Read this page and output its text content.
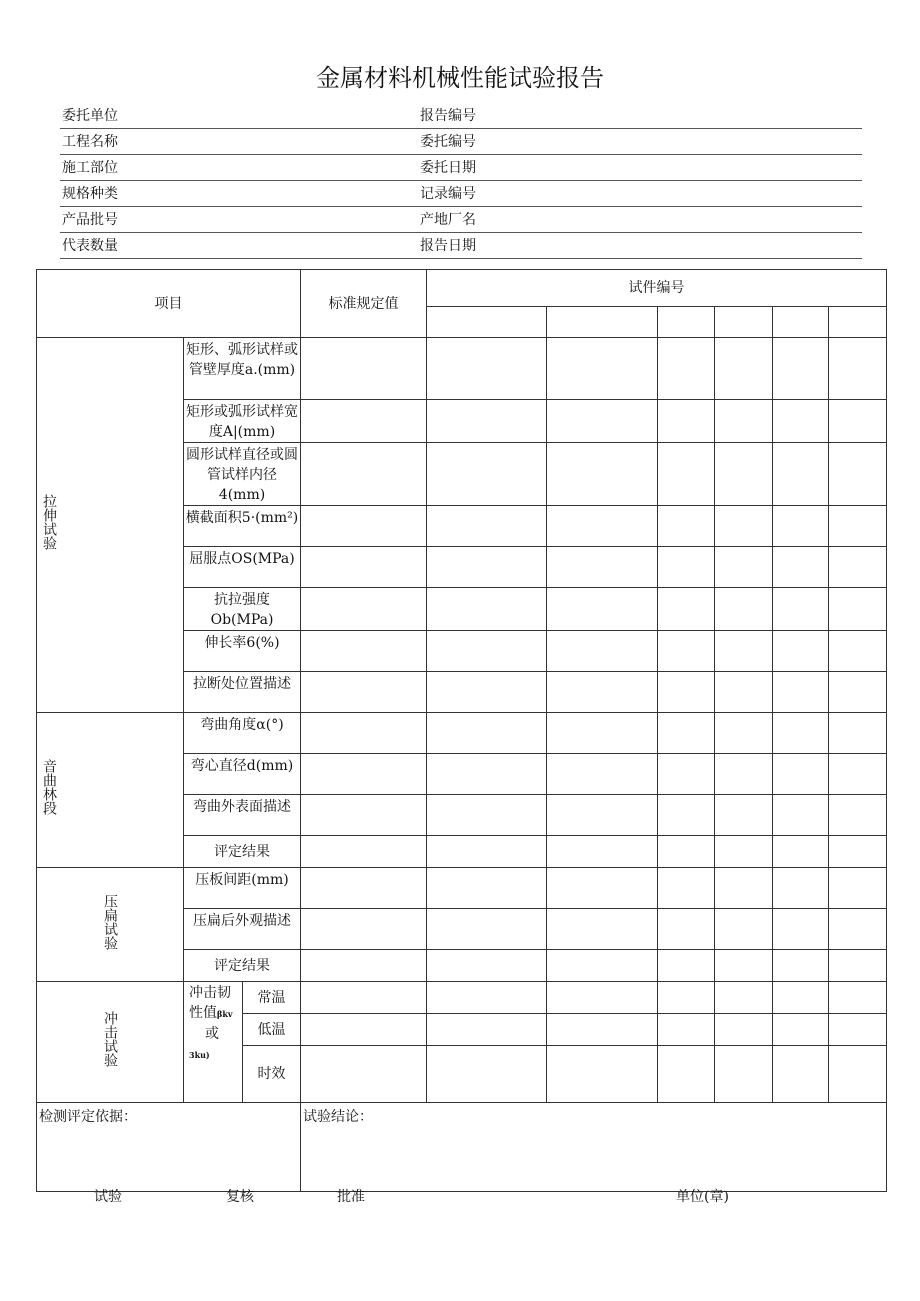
金属材料机械性能试验报告
委托单位	报告编号
工程名称	委托编号
施工部位	委托日期
规格种类	记录编号
产品批号	产地厂名
代表数量	报告日期
项目			标准规定值	试件编号					

拉伸试验	矩形、弧形试样或管壁厚度a.(mm)								
	矩形或弧形试样宽度A|(mm)								
	圆形试样直径或圆管试样内径4(mm)								
	横截面积5·(mm²)								
	屈服点OS(MPa)								
	抗拉强度Ob(MPa)								
	伸长率6(%)								
	拉断处位置描述								
音曲林段	弯曲角度α(°)								
	弯心直径d(mm)								
	弯曲外表面描述								
	评定结果								
压扁试验	压板间距(mm)								
	压扁后外观描述								
	评定结果								
冲击试验	冲击韧性值βkv
或
3ku)	常温							
		低温							
		时效							
检测评定依据：			试验结论：						
试验	复核	批准	单位(章)
